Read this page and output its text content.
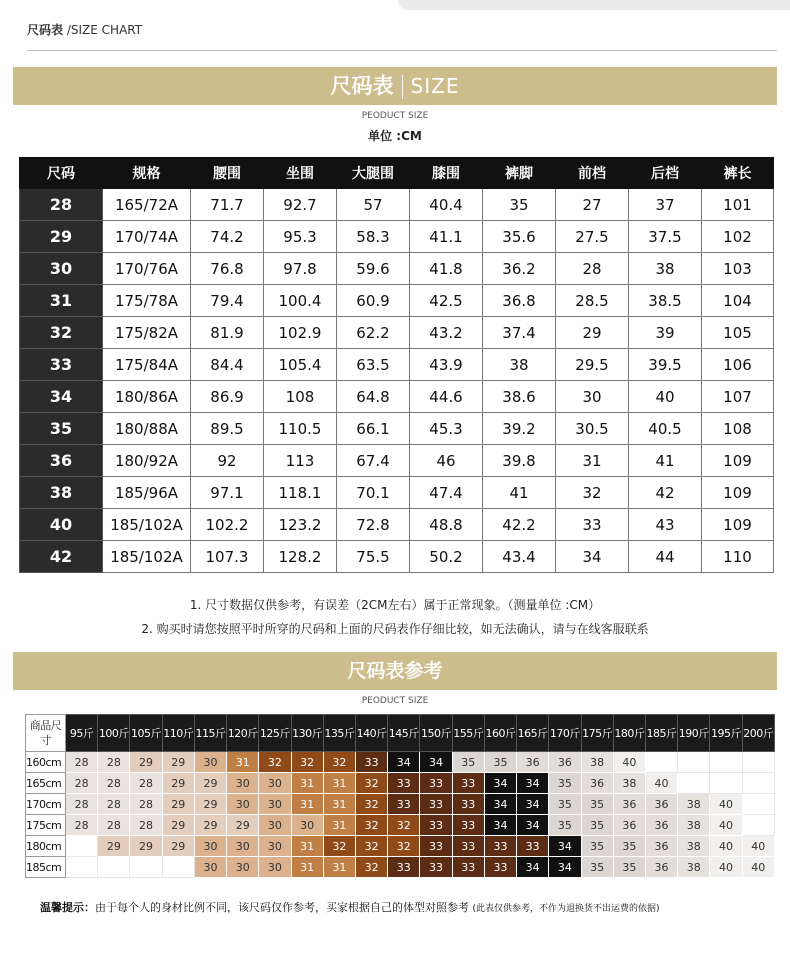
尺码表 /SIZE CHART
尺码表 SIZE
PEODUCT SIZE
单位 :CM
尺码	规格	腰围	坐围	大腿围	膝围	裤脚	前档	后档	裤长
28	165/72A	71.7	92.7	57	40.4	35	27	37	101
29	170/74A	74.2	95.3	58.3	41.1	35.6	27.5	37.5	102
30	170/76A	76.8	97.8	59.6	41.8	36.2	28	38	103
31	175/78A	79.4	100.4	60.9	42.5	36.8	28.5	38.5	104
32	175/82A	81.9	102.9	62.2	43.2	37.4	29	39	105
33	175/84A	84.4	105.4	63.5	43.9	38	29.5	39.5	106
34	180/86A	86.9	108	64.8	44.6	38.6	30	40	107
35	180/88A	89.5	110.5	66.1	45.3	39.2	30.5	40.5	108
36	180/92A	92	113	67.4	46	39.8	31	41	109
38	185/96A	97.1	118.1	70.1	47.4	41	32	42	109
40	185/102A	102.2	123.2	72.8	48.8	42.2	33	43	109
42	185/102A	107.3	128.2	75.5	50.2	43.4	34	44	110
1. 尺寸数据仅供参考，有误差（2CM左右）属于正常现象。（测量单位 :CM）
2. 购买时请您按照平时所穿的尺码和上面的尺码表作仔细比较，如无法确认，请与在线客服联系
尺码表参考
PEODUCT SIZE
商品尺寸	95斤	100斤	105斤	110斤	115斤	120斤	125斤	130斤	135斤	140斤	145斤	150斤	155斤	160斤	165斤	170斤	175斤	180斤	185斤	190斤	195斤	200斤
160cm	28	28	29	29	30	31	32	32	32	33	34	34	35	35	36	36	38	40				
165cm	28	28	28	29	29	30	30	31	31	32	33	33	33	34	34	35	36	38	40			
170cm	28	28	28	29	29	30	30	31	31	32	33	33	33	34	34	35	35	36	36	38	40	
175cm	28	28	28	29	29	29	30	30	31	32	32	33	33	34	34	35	35	36	36	38	40	
180cm		29	29	29	30	30	30	31	32	32	32	33	33	33	33	34	35	35	36	38	40	40
185cm					30	30	30	31	31	32	33	33	33	33	34	34	35	35	36	38	40	40
温馨提示：由于每个人的身材比例不同，该尺码仅作参考，买家根据自己的体型对照参考 (此表仅供参考，不作为退换货不出运费的依据)
